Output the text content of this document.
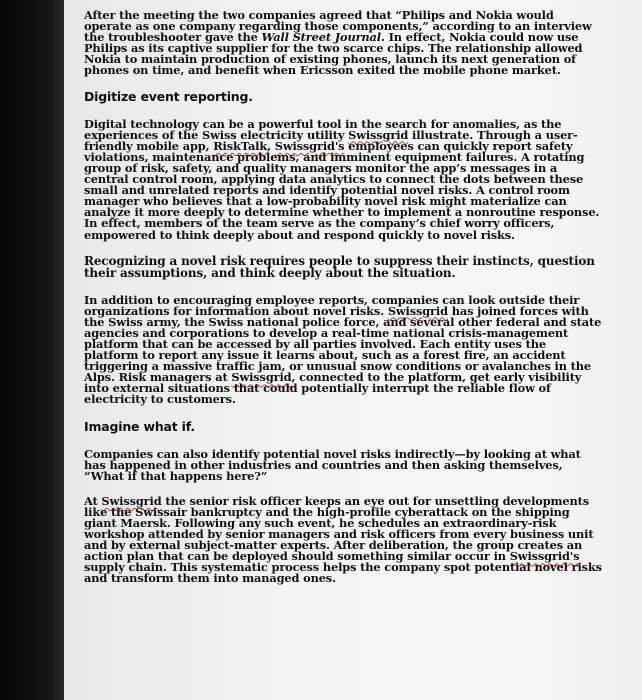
After the meeting the two companies agreed that “Philips and Nokia would operate as one company regarding those components,” according to an interview the troubleshooter gave the Wall Street Journal. In effect, Nokia could now use Philips as its captive supplier for the two scarce chips. The relationship allowed Nokia to maintain production of existing phones, launch its next generation of phones on time, and benefit when Ericsson exited the mobile phone market.

Digitize event reporting.

Digital technology can be a powerful tool in the search for anomalies, as the experiences of the Swiss electricity utility Swissgrid illustrate. Through a user-friendly mobile app, RiskTalk, Swissgrid's employees can quickly report safety violations, maintenance problems, and imminent equipment failures. A rotating group of risk, safety, and quality managers monitor the app’s messages in a central control room, applying data analytics to connect the dots between these small and unrelated reports and identify potential novel risks. A control room manager who believes that a low-probability novel risk might materialize can analyze it more deeply to determine whether to implement a nonroutine response. In effect, members of the team serve as the company’s chief worry officers, empowered to think deeply about and respond quickly to novel risks.

Recognizing a novel risk requires people to suppress their instincts, question their assumptions, and think deeply about the situation.

In addition to encouraging employee reports, companies can look outside their organizations for information about novel risks. Swissgrid has joined forces with the Swiss army, the Swiss national police force, and several other federal and state agencies and corporations to develop a real-time national crisis-management platform that can be accessed by all parties involved. Each entity uses the platform to report any issue it learns about, such as a forest fire, an accident triggering a massive traffic jam, or unusual snow conditions or avalanches in the Alps. Risk managers at Swissgrid, connected to the platform, get early visibility into external situations that could potentially interrupt the reliable flow of electricity to customers.

Imagine what if.

Companies can also identify potential novel risks indirectly—by looking at what has happened in other industries and countries and then asking themselves, “What if that happens here?”

At Swissgrid the senior risk officer keeps an eye out for unsettling developments like the Swissair bankruptcy and the high-profile cyberattack on the shipping giant Maersk. Following any such event, he schedules an extraordinary-risk workshop attended by senior managers and risk officers from every business unit and by external subject-matter experts. After deliberation, the group creates an action plan that can be deployed should something similar occur in Swissgrid's supply chain. This systematic process helps the company spot potential novel risks and transform them into managed ones.
